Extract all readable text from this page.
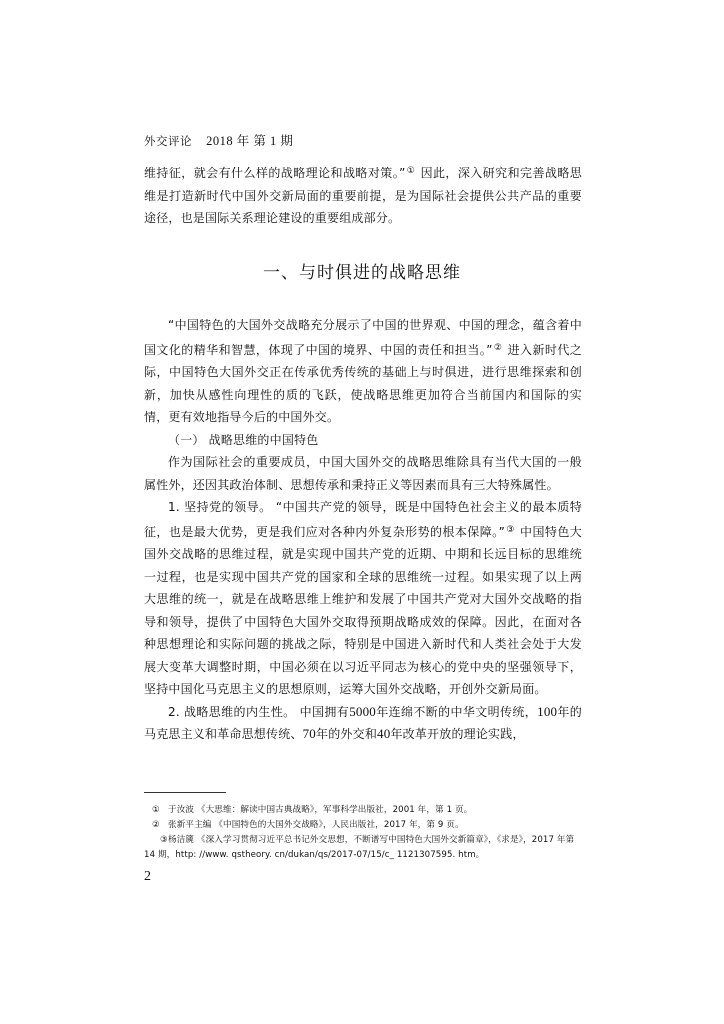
外交评论 2018 年 第 1 期

维持征，就会有什么样的战略理论和战略对策。”① 因此，深入研究和完善战略思维是打造新时代中国外交新局面的重要前提，是为国际社会提供公共产品的重要途径，也是国际关系理论建设的重要组成部分。

一、与时俱进的战略思维

“中国特色的大国外交战略充分展示了中国的世界观、中国的理念，蕴含着中国文化的精华和智慧，体现了中国的境界、中国的责任和担当。”② 进入新时代之际，中国特色大国外交正在传承优秀传统的基础上与时俱进，进行思维探索和创新，加快从感性向理性的质的飞跃，使战略思维更加符合当前国内和国际的实情，更有效地指导今后的中国外交。

（一） 战略思维的中国特色

作为国际社会的重要成员，中国大国外交的战略思维除具有当代大国的一般属性外，还因其政治体制、思想传承和秉持正义等因素而具有三大特殊属性。

1. 坚持党的领导。 “中国共产党的领导，既是中国特色社会主义的最本质特征，也是最大优势，更是我们应对各种内外复杂形势的根本保障。”③ 中国特色大国外交战略的思维过程，就是实现中国共产党的近期、中期和长远目标的思维统一过程，也是实现中国共产党的国家和全球的思维统一过程。如果实现了以上两大思维的统一，就是在战略思维上维护和发展了中国共产党对大国外交战略的指导和领导，提供了中国特色大国外交取得预期战略成效的保障。因此，在面对各种思想理论和实际问题的挑战之际，特别是中国进入新时代和人类社会处于大发展大变革大调整时期，中国必须在以习近平同志为核心的党中央的坚强领导下，坚持中国化马克思主义的思想原则，运筹大国外交战略，开创外交新局面。

2. 战略思维的内生性。 中国拥有5000年连绵不断的中华文明传统，100年的马克思主义和革命思想传统、70年的外交和40年改革开放的理论实践，

① 于汝波 《大思维：解读中国古典战略》，军事科学出版社，2001 年，第 1 页。

② 张新平主编 《中国特色的大国外交战略》，人民出版社，2017 年，第 9 页。

③杨洁篪 《深入学习贯彻习近平总书记外交思想，不断谱写中国特色大国外交新篇章》，《求是》，2017 年第 14 期，http: //www. qstheory. cn/dukan/qs/2017-07/15/c_ 1121307595. htm。

2
